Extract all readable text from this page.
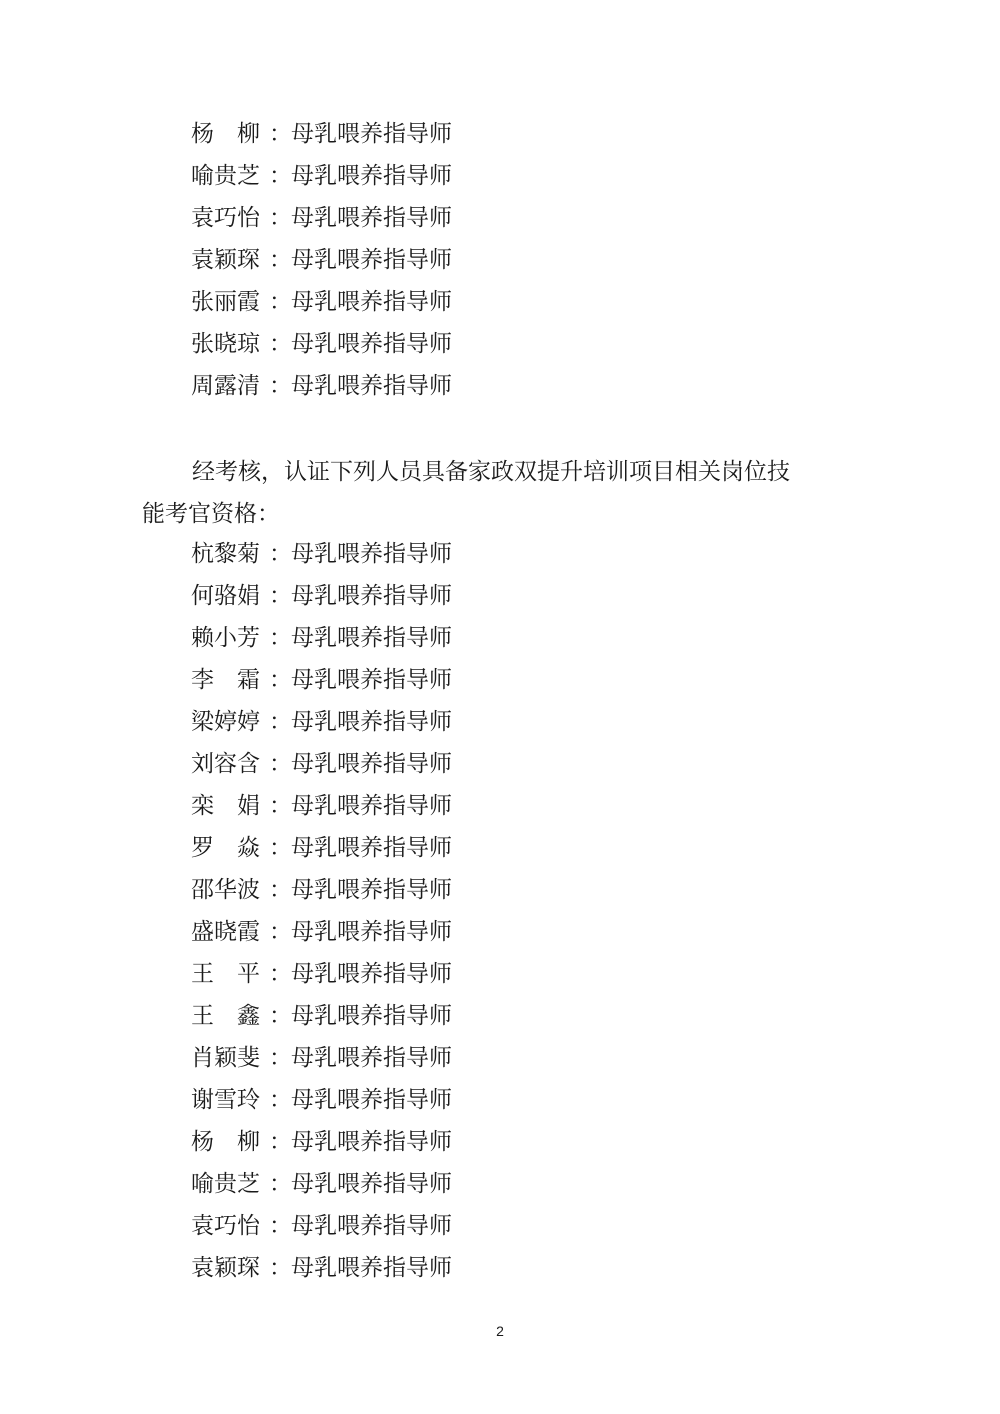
杨　柳 ：母乳喂养指导师
喻贵芝 ：母乳喂养指导师
袁巧怡 ：母乳喂养指导师
袁颖琛 ：母乳喂养指导师
张丽霞 ：母乳喂养指导师
张晓琼 ：母乳喂养指导师
周露清 ：母乳喂养指导师
经考核，认证下列人员具备家政双提升培训项目相关岗位技
能考官资格：
杭黎菊 ：母乳喂养指导师
何骆娟 ：母乳喂养指导师
赖小芳 ：母乳喂养指导师
李　霜 ：母乳喂养指导师
梁婷婷 ：母乳喂养指导师
刘容含 ：母乳喂养指导师
栾　娟 ：母乳喂养指导师
罗　焱 ：母乳喂养指导师
邵华波 ：母乳喂养指导师
盛晓霞 ：母乳喂养指导师
王　平 ：母乳喂养指导师
王　鑫 ：母乳喂养指导师
肖颖斐 ：母乳喂养指导师
谢雪玲 ：母乳喂养指导师
杨　柳 ：母乳喂养指导师
喻贵芝 ：母乳喂养指导师
袁巧怡 ：母乳喂养指导师
袁颖琛 ：母乳喂养指导师
2
